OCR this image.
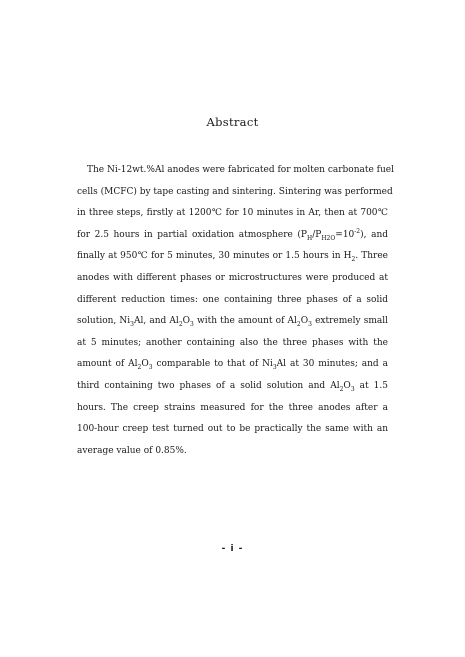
Abstract
The Ni-12wt.%Al anodes were fabricated for molten carbonate fuel
cells (MCFC) by tape casting and sintering. Sintering was performed
in three steps, firstly at 1200℃ for 10 minutes in Ar, then at 700℃
for 2.5 hours in partial oxidation atmosphere $(P_H/P_{H2O}=10^{-2})$, and
finally at 950℃ for 5 minutes, 30 minutes or 1.5 hours in $H_2$. Three
anodes with different phases or microstructures were produced at
different reduction times: one containing three phases of a solid
solution, $Ni_3Al$, and $Al_2O_3$ with the amount of $Al_2O_3$ extremely small
at 5 minutes; another containing also the three phases with the
amount of $Al_2O_3$ comparable to that of $Ni_3Al$ at 30 minutes; and a
third containing two phases of a solid solution and $Al_2O_3$ at 1.5
hours. The creep strains measured for the three anodes after a
100-hour creep test turned out to be practically the same with an
average value of 0.85%.
- i -
